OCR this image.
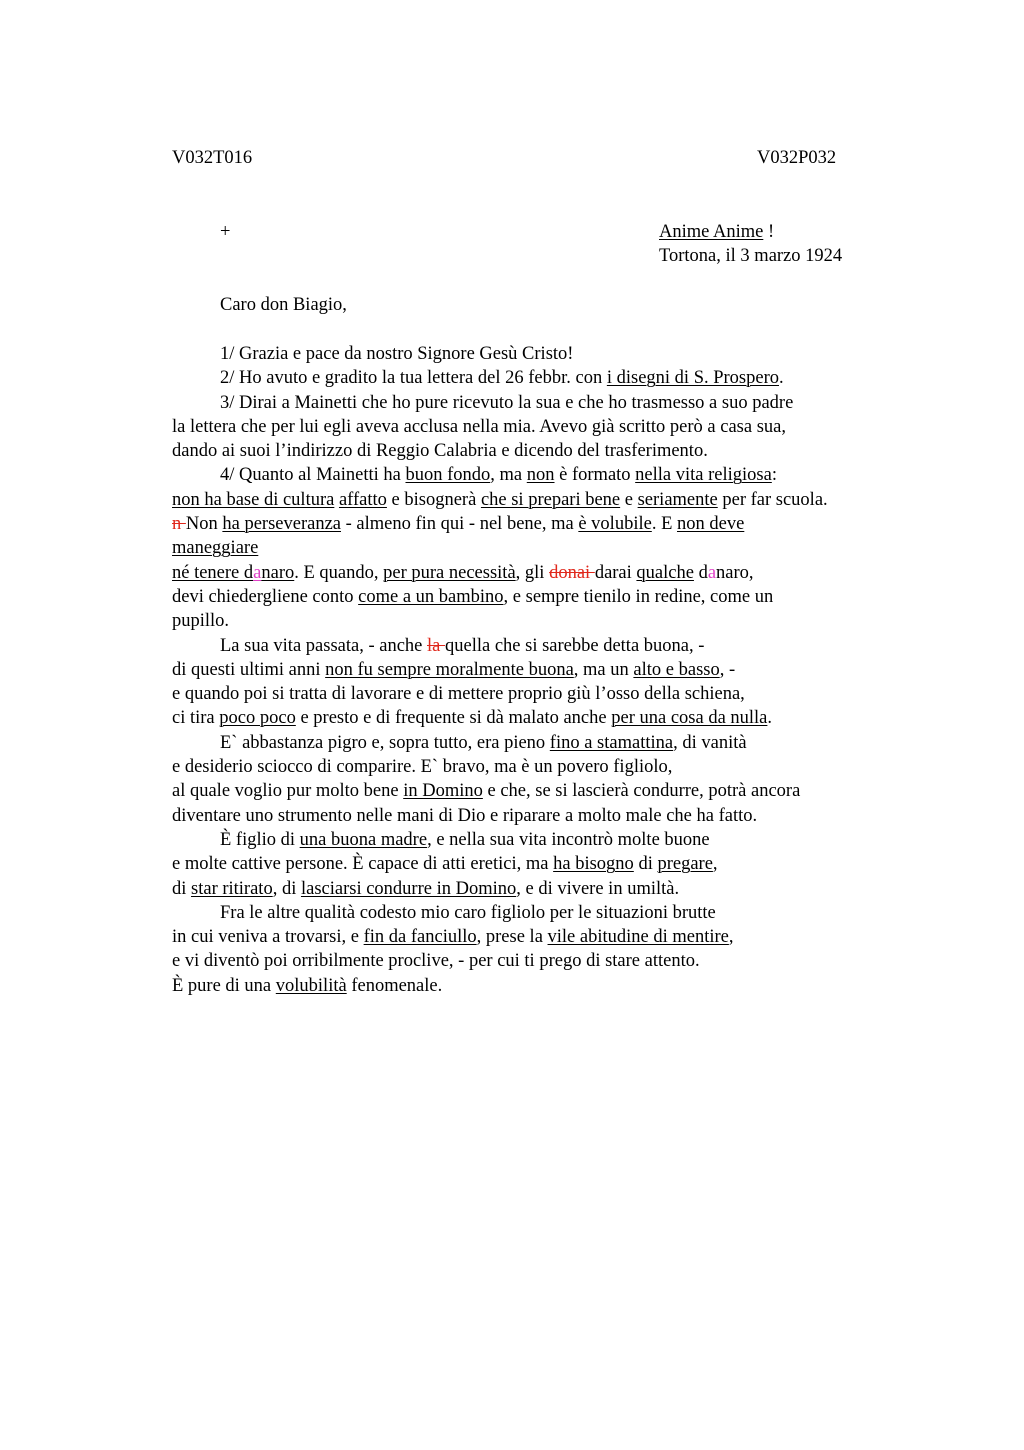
V032T016	V032P032
+	Anime Anime !
Tortona, il 3 marzo 1924
Caro don Biagio,
1/ Grazia e pace da nostro Signore Gesù Cristo!
2/ Ho avuto e gradito la tua lettera del 26 febbr. con i disegni di S. Prospero.
3/ Dirai a Mainetti che ho pure ricevuto la sua e che ho trasmesso a suo padre
la lettera che per lui egli aveva acclusa nella mia. Avevo già scritto però a casa sua,
dando ai suoi l’indirizzo di Reggio Calabria e dicendo del trasferimento.
4/ Quanto al Mainetti ha buon fondo, ma non è formato nella vita religiosa:
non ha base di cultura affatto e bisognerà che si prepari bene e seriamente per far scuola.
n Non ha perseveranza - almeno fin qui - nel bene, ma è volubile. E non deve
maneggiare
né tenere danaro. E quando, per pura necessità, gli donai darai qualche danaro,
devi chiedergliene conto come a un bambino, e sempre tienilo in redine, come un
pupillo.
La sua vita passata, - anche la quella che si sarebbe detta buona, -
di questi ultimi anni non fu sempre moralmente buona, ma un alto e basso, -
e quando poi si tratta di lavorare e di mettere proprio giù l’osso della schiena,
ci tira poco poco e presto e di frequente si dà malato anche per una cosa da nulla.
E` abbastanza pigro e, sopra tutto, era pieno fino a stamattina, di vanità
e desiderio sciocco di comparire. E` bravo, ma è un povero figliolo,
al quale voglio pur molto bene in Domino e che, se si lascierà condurre, potrà ancora
diventare uno strumento nelle mani di Dio e riparare a molto male che ha fatto.
È figlio di una buona madre, e nella sua vita incontrò molte buone
e molte cattive persone. È capace di atti eretici, ma ha bisogno di pregare,
di star ritirato, di lasciarsi condurre in Domino, e di vivere in umiltà.
Fra le altre qualità codesto mio caro figliolo per le situazioni brutte
in cui veniva a trovarsi, e fin da fanciullo, prese la vile abitudine di mentire,
e vi diventò poi orribilmente proclive, - per cui ti prego di stare attento.
È pure di una volubilità fenomenale.
